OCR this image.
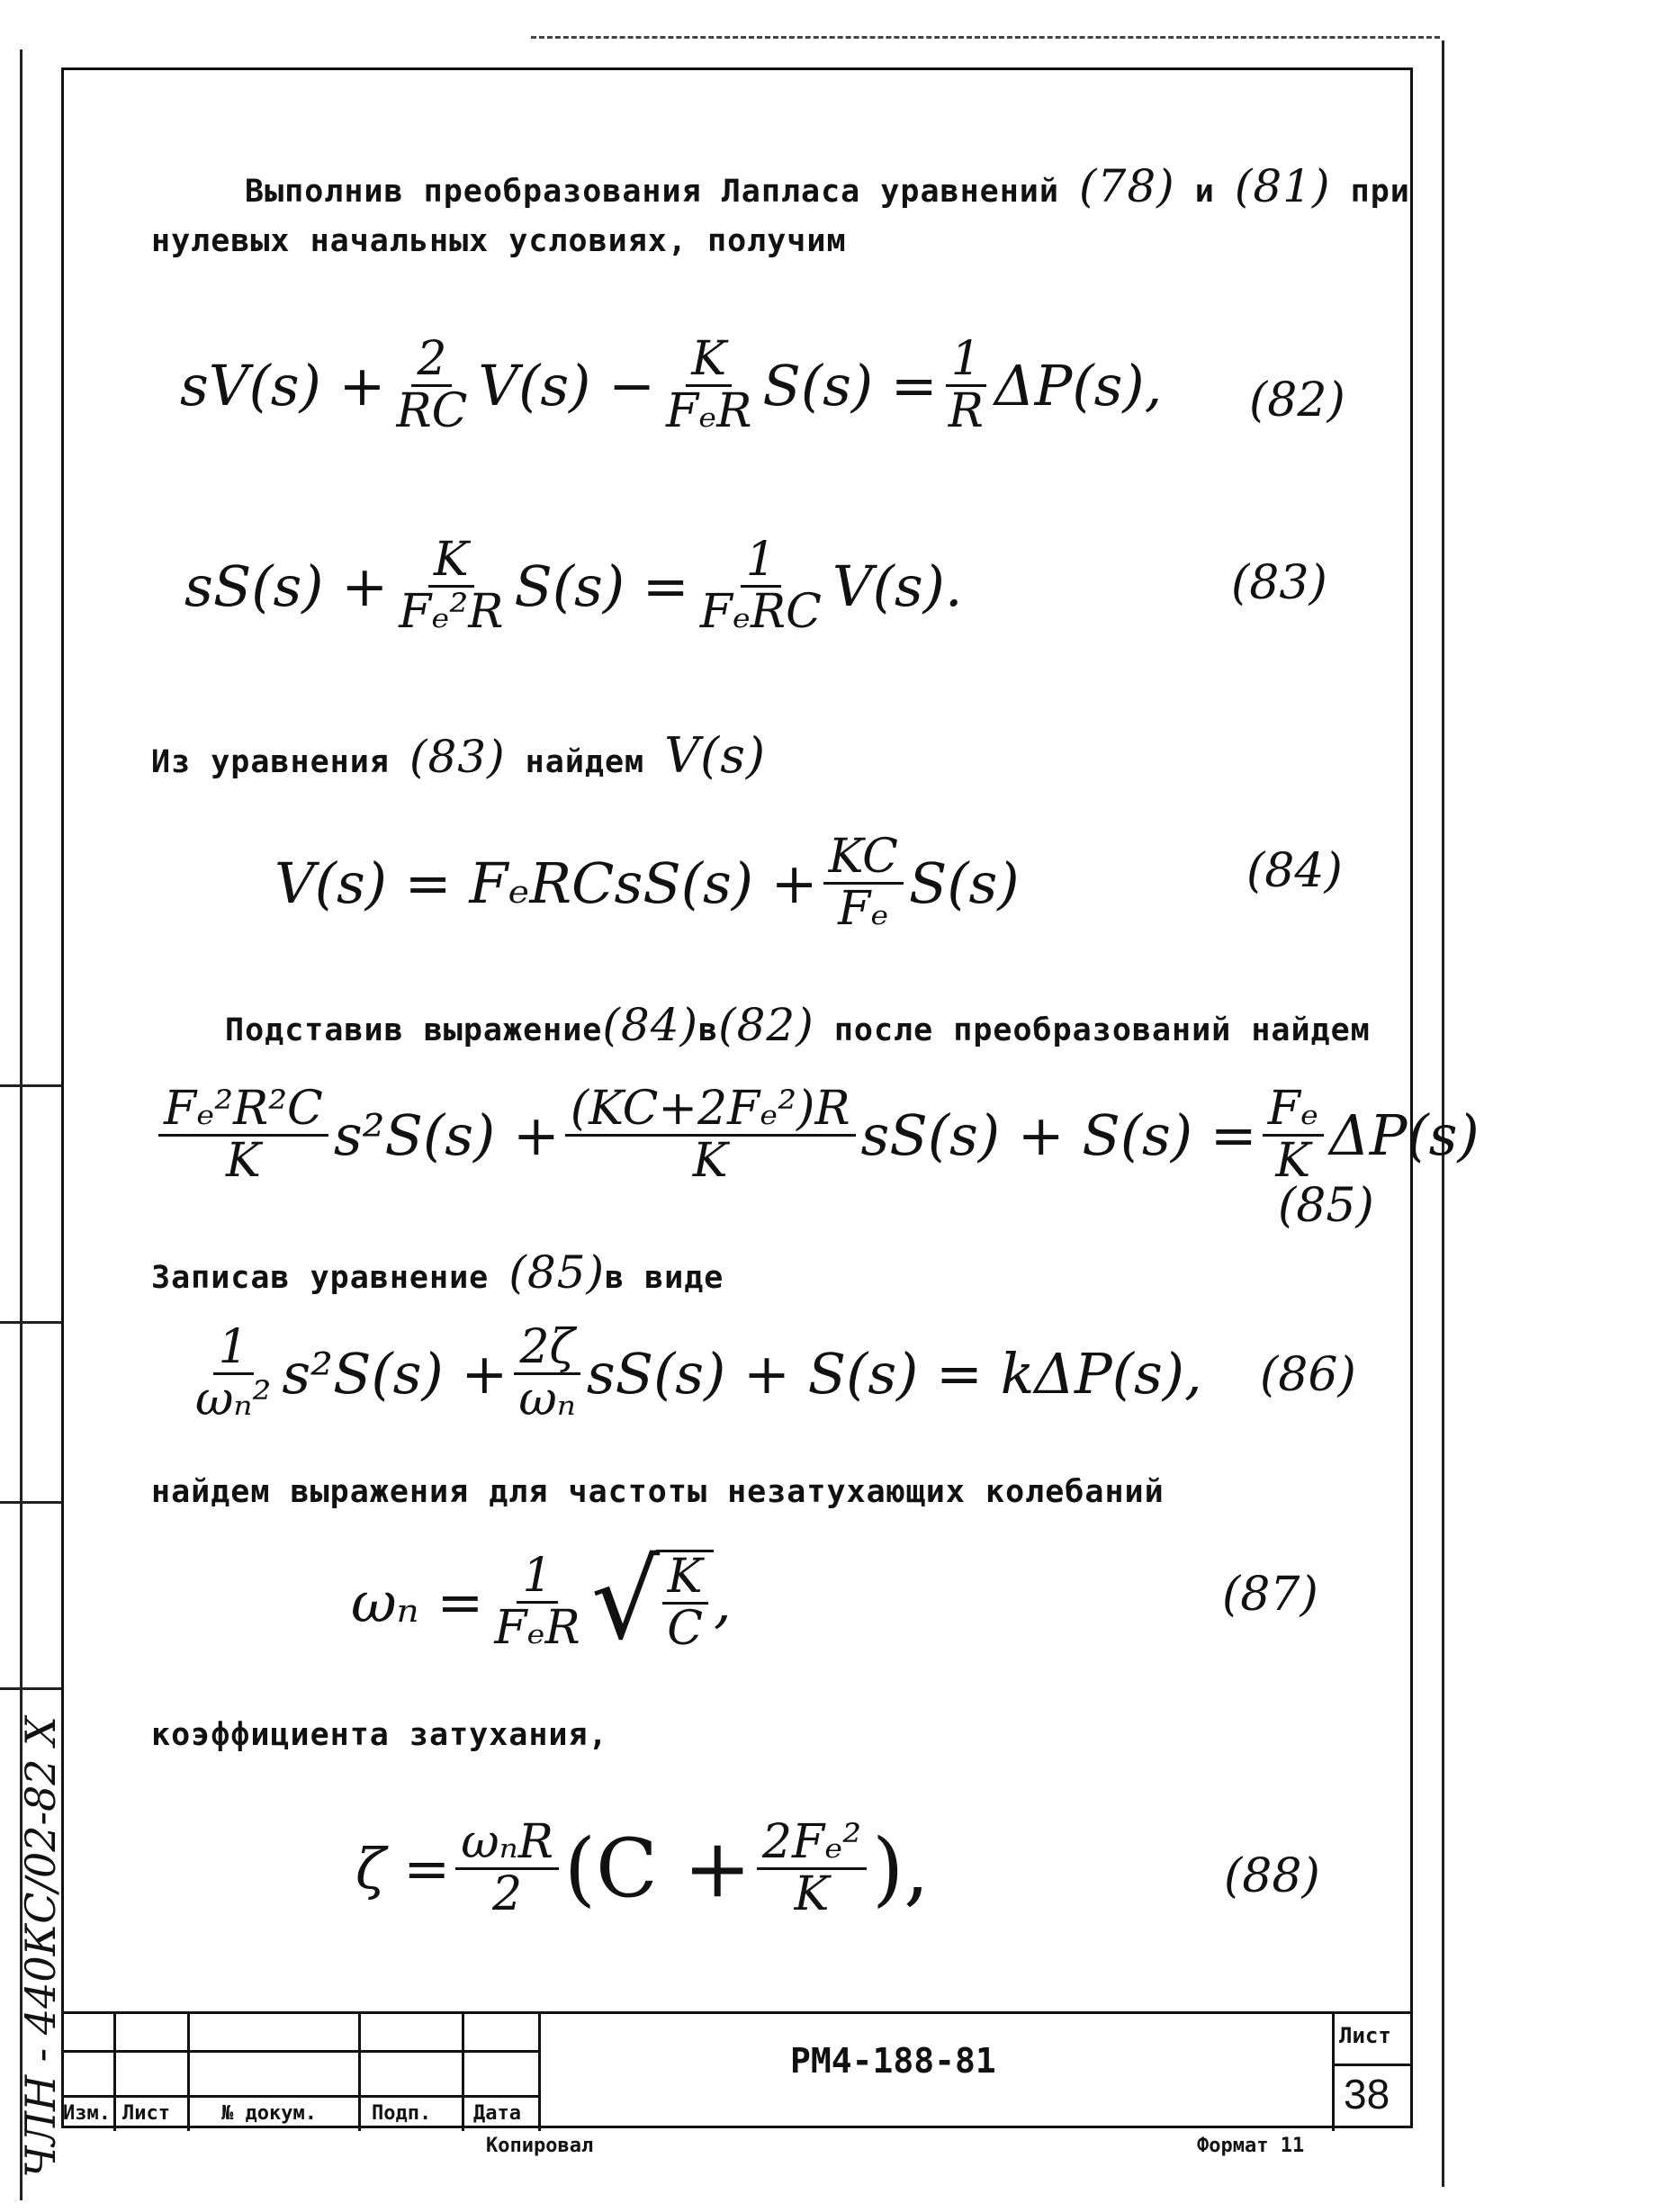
Выполнив преобразования Лапласа уравнений (78) и (81) при
нулевых начальных условиях, получим
$sV(s) + \frac{2}{RC} V(s) - \frac{K}{\text{FₑR}} S(s) = \frac{1}{R} \Delta P(s)$, (82)
$sS(s) + \frac{K}{\text{Fₑ²R}} S(s) = \frac{1}{\text{FₑRC}} V(s)$.	(83)
Из уравнения (83) найдем V(s)
V(s) = FₑRCsS(s) + $\frac{KC}{\text{Fₑ}} S(s)$	(84)
Подставив выражение(84)в(82) после преобразований найдем
$\frac{\text{Fₑ²R²C}}{K} s^2S(s) + \frac{\text{(KC+2Fₑ²)R}}{K} sS(s) + S(s) = \frac{\text{Fₑ}}{K} \Delta P(s)$
(85)
Записав уравнение (85)в виде
$\frac{1}{\text{ωₙ²}} s^2S(s) + \frac{2\zeta}{\text{ωₙ}} sS(s) + S(s) = k\Delta P(s)$, (86)
найдем выражения для частоты незатухающих колебаний
$\omega_n = \frac{1}{\text{FₑR}}$ √ $\frac{K}{C}$ ,	(87)
коэффициента затухания,
$\zeta = \frac{\text{ωₙR}}{2} (C + \frac{\text{2Fₑ²}}{K}$ ),	(88)
Изм. Лист	№ докум.	Подп. Дата
РМ4-188-81
Лист
38
Копировал	Формат 11
ЧЛН - 440КС/02-82 X
